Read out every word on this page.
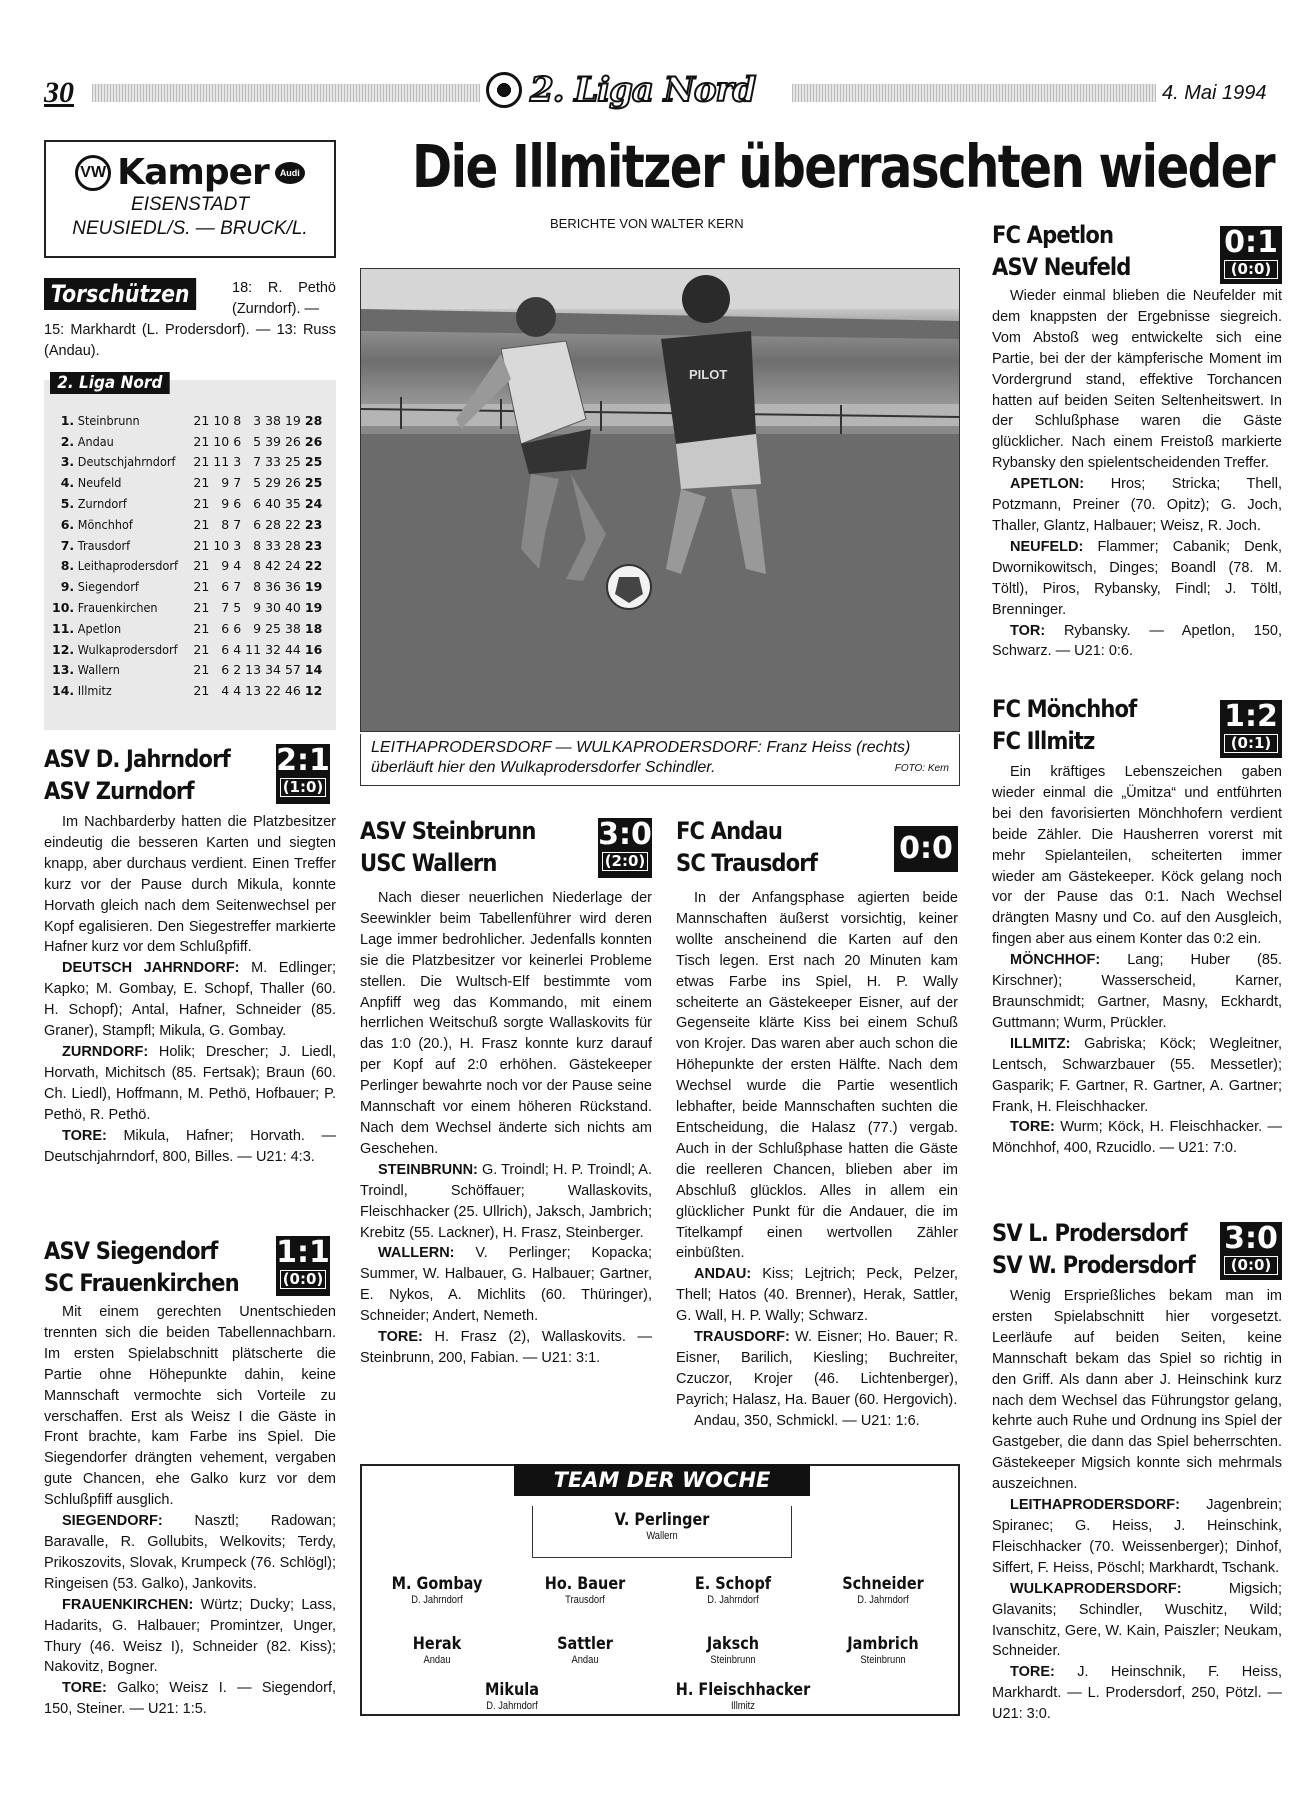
30	2. Liga Nord	4. Mai 1994
Die Illmitzer überraschten wieder
BERICHTE VON WALTER KERN
VW Kamper	Audi
EISENSTADT
NEUSIEDL/S. — BRUCK/L.
Torschützen	18: R. Pethö (Zurndorf). —
15: Markhardt (L. Prodersdorf). — 13: Russ (Andau).
2. Liga Nord
1.	Steinbrunn	21	10	8	3	38	19	28
2.	Andau	21	10	6	5	39	26	26
3.	Deutschjahrndorf	21	11	3	7	33	25	25
4.	Neufeld	21	9	7	5	29	26	25
5.	Zurndorf	21	9	6	6	40	35	24
6.	Mönchhof	21	8	7	6	28	22	23
7.	Trausdorf	21	10	3	8	33	28	23
8.	Leithaprodersdorf	21	9	4	8	42	24	22
9.	Siegendorf	21	6	7	8	36	36	19
10.	Frauenkirchen	21	7	5	9	30	40	19
11.	Apetlon	21	6	6	9	25	38	18
12.	Wulkaprodersdorf	21	6	4	11	32	44	16
13.	Wallern	21	6	2	13	34	57	14
14.	Illmitz	21	4	4	13	22	46	12
ASV D. Jahrndorf
ASV Zurndorf
2:1
(1:0)

Im Nachbarderby hatten die Platzbesitzer eindeutig die besseren Karten und siegten knapp, aber durchaus verdient. Einen Treffer kurz vor der Pause durch Mikula, konnte Horvath gleich nach dem Seitenwechsel per Kopf egalisieren. Den Siegestreffer markierte Hafner kurz vor dem Schlußpfiff.

DEUTSCH JAHRNDORF: M. Edlinger; Kapko; M. Gombay, E. Schopf, Thaller (60. H. Schopf); Antal, Hafner, Schneider (85. Graner), Stampfl; Mikula, G. Gombay.

ZURNDORF: Holik; Drescher; J. Liedl, Horvath, Michitsch (85. Fertsak); Braun (60. Ch. Liedl), Hoffmann, M. Pethö, Hofbauer; P. Pethö, R. Pethö.

TORE: Mikula, Hafner; Horvath. — Deutschjahrndorf, 800, Billes. — U21: 4:3.

ASV Siegendorf
SC Frauenkirchen
1:1
(0:0)

Mit einem gerechten Unentschieden trennten sich die beiden Tabellennachbarn. Im ersten Spielabschnitt plätscherte die Partie ohne Höhepunkte dahin, keine Mannschaft vermochte sich Vorteile zu verschaffen. Erst als Weisz I die Gäste in Front brachte, kam Farbe ins Spiel. Die Siegendorfer drängten vehement, vergaben gute Chancen, ehe Galko kurz vor dem Schlußpfiff ausglich.

SIEGENDORF: Nasztl; Radowan; Baravalle, R. Gollubits, Welkovits; Terdy, Prikoszovits, Slovak, Krumpeck (76. Schlögl); Ringeisen (53. Galko), Jankovits.

FRAUENKIRCHEN: Würtz; Ducky; Lass, Hadarits, G. Halbauer; Promintzer, Unger, Thury (46. Weisz I), Schneider (82. Kiss); Nakovitz, Bogner.

TORE: Galko; Weisz I. — Siegendorf, 150, Steiner. — U21: 1:5.

PILOT
LEITHAPRODERSDORF — WULKAPRODERSDORF: Franz Heiss (rechts) überläuft hier den Wulkaprodersdorfer Schindler.	FOTO: Kern
ASV Steinbrunn
USC Wallern
3:0
(2:0)

Nach dieser neuerlichen Niederlage der Seewinkler beim Tabellenführer wird deren Lage immer bedrohlicher. Jedenfalls konnten sie die Platzbesitzer vor keinerlei Probleme stellen. Die Wultsch-Elf bestimmte vom Anpfiff weg das Kommando, mit einem herrlichen Weitschuß sorgte Wallaskovits für das 1:0 (20.), H. Frasz konnte kurz darauf per Kopf auf 2:0 erhöhen. Gästekeeper Perlinger bewahrte noch vor der Pause seine Mannschaft vor einem höheren Rückstand. Nach dem Wechsel änderte sich nichts am Geschehen.

STEINBRUNN: G. Troindl; H. P. Troindl; A. Troindl, Schöffauer; Wallaskovits, Fleischhacker (25. Ullrich), Jaksch, Jambrich; Krebitz (55. Lackner), H. Frasz, Steinberger.

WALLERN: V. Perlinger; Kopacka; Summer, W. Halbauer, G. Halbauer; Gartner, E. Nykos, A. Michlits (60. Thüringer), Schneider; Andert, Nemeth.

TORE: H. Frasz (2), Wallaskovits. — Steinbrunn, 200, Fabian. — U21: 3:1.

FC Andau
SC Trausdorf	0:0

In der Anfangsphase agierten beide Mannschaften äußerst vorsichtig, keiner wollte anscheinend die Karten auf den Tisch legen. Erst nach 20 Minuten kam etwas Farbe ins Spiel, H. P. Wally scheiterte an Gästekeeper Eisner, auf der Gegenseite klärte Kiss bei einem Schuß von Krojer. Das waren aber auch schon die Höhepunkte der ersten Hälfte. Nach dem Wechsel wurde die Partie wesentlich lebhafter, beide Mannschaften suchten die Entscheidung, die Halasz (77.) vergab. Auch in der Schlußphase hatten die Gäste die reelleren Chancen, blieben aber im Abschluß glücklos. Alles in allem ein glücklicher Punkt für die Andauer, die im Titelkampf einen wertvollen Zähler einbüßten.

ANDAU: Kiss; Lejtrich; Peck, Pelzer, Thell; Hatos (40. Brenner), Herak, Sattler, G. Wall, H. P. Wally; Schwarz.

TRAUSDORF: W. Eisner; Ho. Bauer; R. Eisner, Barilich, Kiesling; Buchreiter, Czuczor, Krojer (46. Lichtenberger), Payrich; Halasz, Ha. Bauer (60. Hergovich).

Andau, 350, Schmickl. — U21: 1:6.

FC Apetlon
ASV Neufeld
0:1
(0:0)

Wieder einmal blieben die Neufelder mit dem knappsten der Ergebnisse siegreich. Vom Abstoß weg entwickelte sich eine Partie, bei der der kämpferische Moment im Vordergrund stand, effektive Torchancen hatten auf beiden Seiten Seltenheitswert. In der Schlußphase waren die Gäste glücklicher. Nach einem Freistoß markierte Rybansky den spielentscheidenden Treffer.

APETLON: Hros; Stricka; Thell, Potzmann, Preiner (70. Opitz); G. Joch, Thaller, Glantz, Halbauer; Weisz, R. Joch.

NEUFELD: Flammer; Cabanik; Denk, Dwornikowitsch, Dinges; Boandl (78. M. Töltl), Piros, Rybansky, Findl; J. Töltl, Brenninger.

TOR: Rybansky. — Apetlon, 150, Schwarz. — U21: 0:6.

FC Mönchhof
FC Illmitz
1:2
(0:1)

Ein kräftiges Lebenszeichen gaben wieder einmal die „Ümitza“ und entführten bei den favorisierten Mönchhofern verdient beide Zähler. Die Hausherren vorerst mit mehr Spielanteilen, scheiterten immer wieder am Gästekeeper. Köck gelang noch vor der Pause das 0:1. Nach Wechsel drängten Masny und Co. auf den Ausgleich, fingen aber aus einem Konter das 0:2 ein.

MÖNCHHOF: Lang; Huber (85. Kirschner); Wasserscheid, Karner, Braunschmidt; Gartner, Masny, Eckhardt, Guttmann; Wurm, Prückler.

ILLMITZ: Gabriska; Köck; Wegleitner, Lentsch, Schwarzbauer (55. Messetler); Gasparik; F. Gartner, R. Gartner, A. Gartner; Frank, H. Fleischhacker.

TORE: Wurm; Köck, H. Fleischhacker. — Mönchhof, 400, Rzucidlo. — U21: 7:0.

SV L. Prodersdorf
SV W. Prodersdorf
3:0
(0:0)

Wenig Ersprießliches bekam man im ersten Spielabschnitt hier vorgesetzt. Leerläufe auf beiden Seiten, keine Mannschaft bekam das Spiel so richtig in den Griff. Als dann aber J. Heinschink kurz nach dem Wechsel das Führungstor gelang, kehrte auch Ruhe und Ordnung ins Spiel der Gastgeber, die dann das Spiel beherrschten. Gästekeeper Migsich konnte sich mehrmals auszeichnen.

LEITHAPRODERSDORF: Jagenbrein; Spiranec; G. Heiss, J. Heinschink, Fleischhacker (70. Weissenberger); Dinhof, Siffert, F. Heiss, Pöschl; Markhardt, Tschank.

WULKAPRODERSDORF:	Migsich; Glavanits; Schindler, Wuschitz, Wild; Ivanschitz, Gere, W. Kain, Paiszler; Neukam, Schneider.

TORE: J. Heinschnik, F. Heiss, Markhardt. — L. Prodersdorf, 250, Pötzl. — U21: 3:0.

TEAM DER WOCHE
V. Perlinger
Wallern
M. Gombay
D. Jahrndorf
Ho. Bauer
Trausdorf
E. Schopf
D. Jahrndorf
Schneider
D. Jahrndorf
Herak
Andau
Sattler
Andau
Jaksch
Steinbrunn
Jambrich
Steinbrunn
Mikula
D. Jahrndorf
H. Fleischhacker
Illmitz
